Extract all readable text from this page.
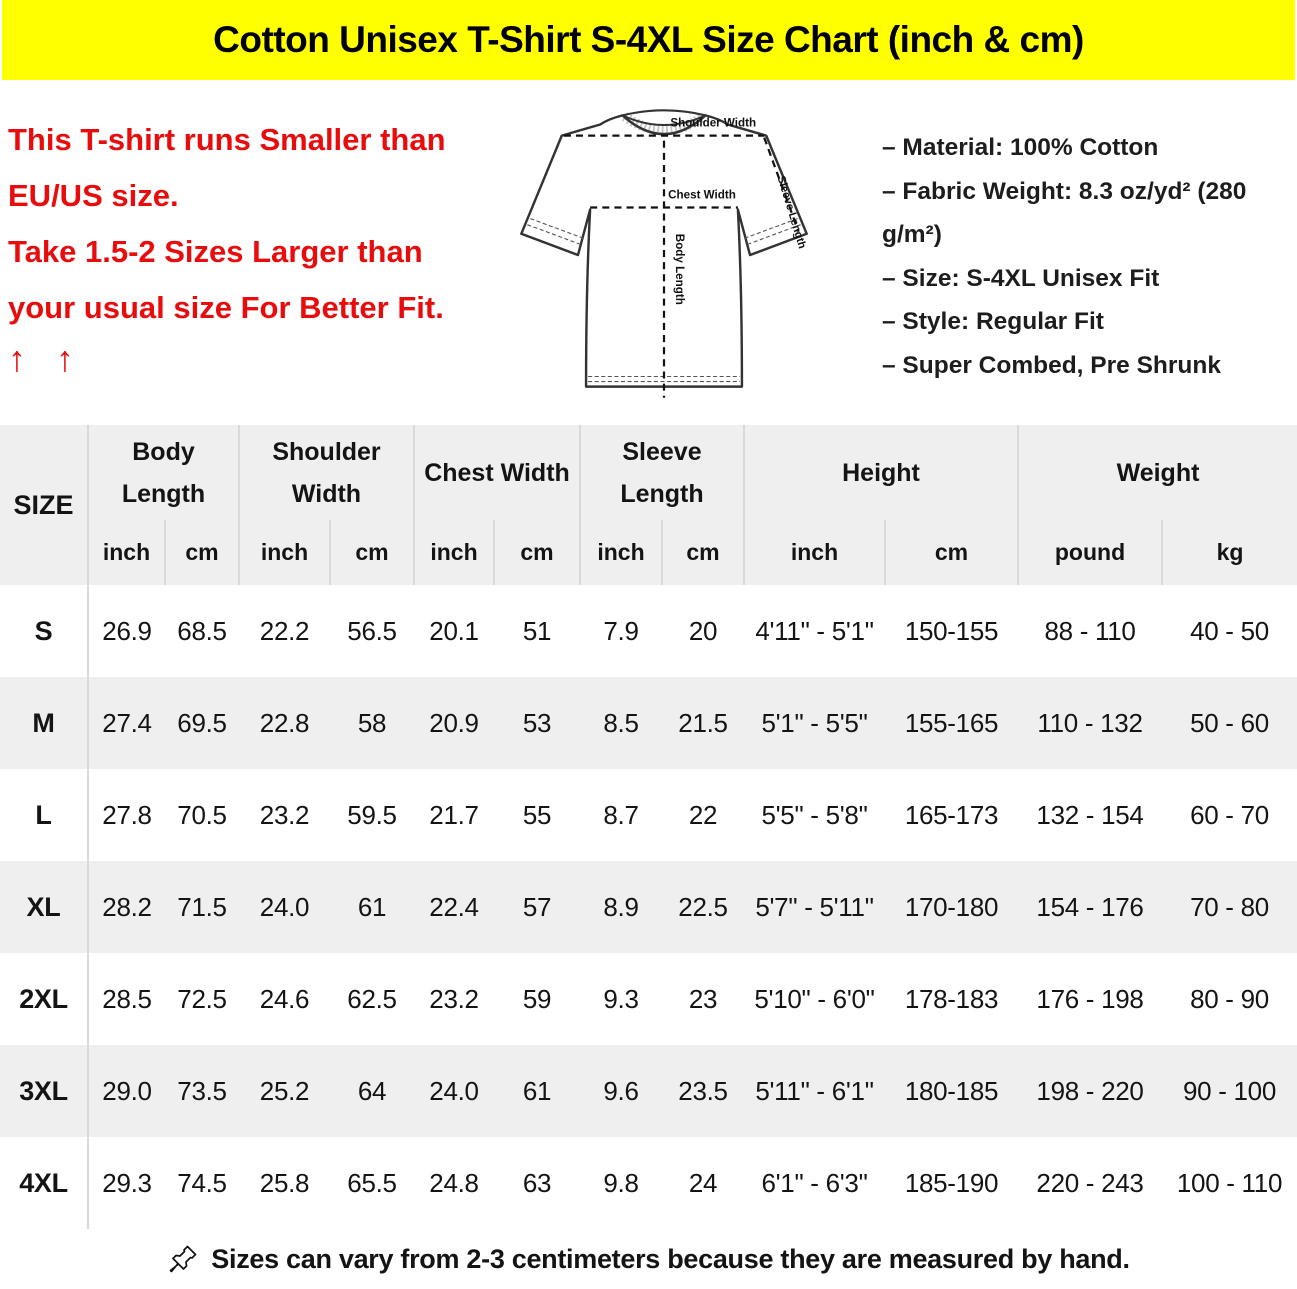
Cotton Unisex T-Shirt S-4XL Size Chart (inch & cm)
This T-shirt runs Smaller than
EU/US size.
Take 1.5-2 Sizes Larger than
your usual size For Better Fit.
↑ ↑
Shoulder Width
Chest Width
Body Length
Sleeve Length
– Material: 100% Cotton
– Fabric Weight: 8.3 oz/yd² (280
g/m²)
– Size: S-4XL Unisex Fit
– Style: Regular Fit
– Super Combed, Pre Shrunk
SIZE	Body Length		Shoulder Width		Chest Width		Sleeve Length		Height		Weight	
	inch	cm	inch	cm	inch	cm	inch	cm	inch	cm	pound	kg
S	26.9	68.5	22.2	56.5	20.1	51	7.9	20	4'11" - 5'1"	150-155	88 - 110	40 - 50
M	27.4	69.5	22.8	58	20.9	53	8.5	21.5	5'1" - 5'5"	155-165	110 - 132	50 - 60
L	27.8	70.5	23.2	59.5	21.7	55	8.7	22	5'5" - 5'8"	165-173	132 - 154	60 - 70
XL	28.2	71.5	24.0	61	22.4	57	8.9	22.5	5'7" - 5'11"	170-180	154 - 176	70 - 80
2XL	28.5	72.5	24.6	62.5	23.2	59	9.3	23	5'10" - 6'0"	178-183	176 - 198	80 - 90
3XL	29.0	73.5	25.2	64	24.0	61	9.6	23.5	5'11" - 6'1"	180-185	198 - 220	90 - 100
4XL	29.3	74.5	25.8	65.5	24.8	63	9.8	24	6'1" - 6'3"	185-190	220 - 243	100 - 110
Sizes can vary from 2-3 centimeters because they are measured by hand.
